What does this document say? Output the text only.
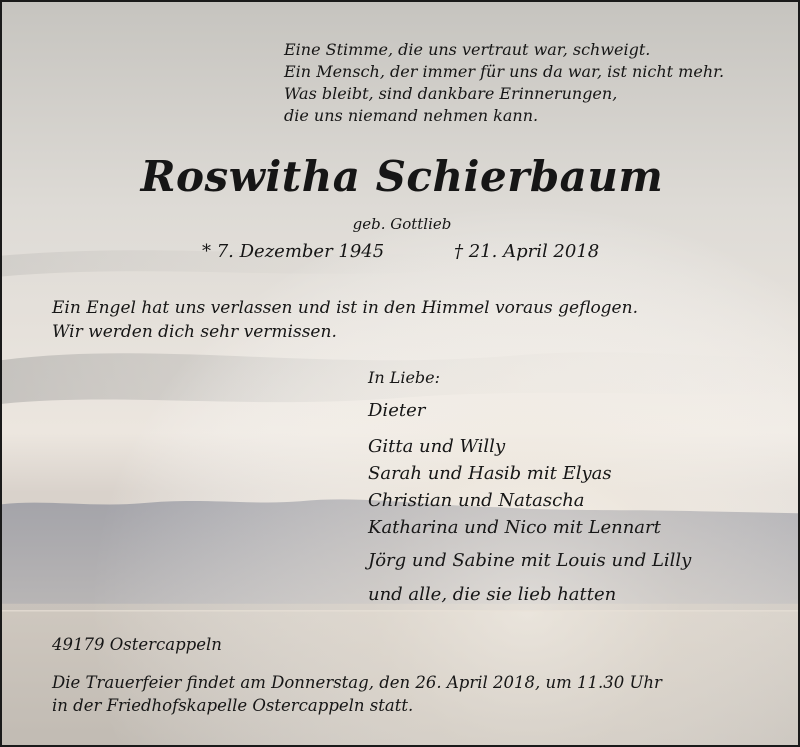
Eine Stimme, die uns vertraut war, schweigt.

Ein Mensch, der immer für uns da war, ist nicht mehr.

Was bleibt, sind dankbare Erinnerungen,

die uns niemand nehmen kann.

Roswitha Schierbaum

geb. Gottlieb

* 7. Dezember 1945	† 21. April 2018

Ein Engel hat uns verlassen und ist in den Himmel voraus geflogen.

Wir werden dich sehr vermissen.

In Liebe:

Dieter

Gitta und Willy

Sarah und Hasib mit Elyas

Christian und Natascha

Katharina und Nico mit Lennart

Jörg und Sabine mit Louis und Lilly

und alle, die sie lieb hatten

49179 Ostercappeln

Die Trauerfeier findet am Donnerstag, den 26. April 2018, um 11.30 Uhr

in der Friedhofskapelle Ostercappeln statt.
